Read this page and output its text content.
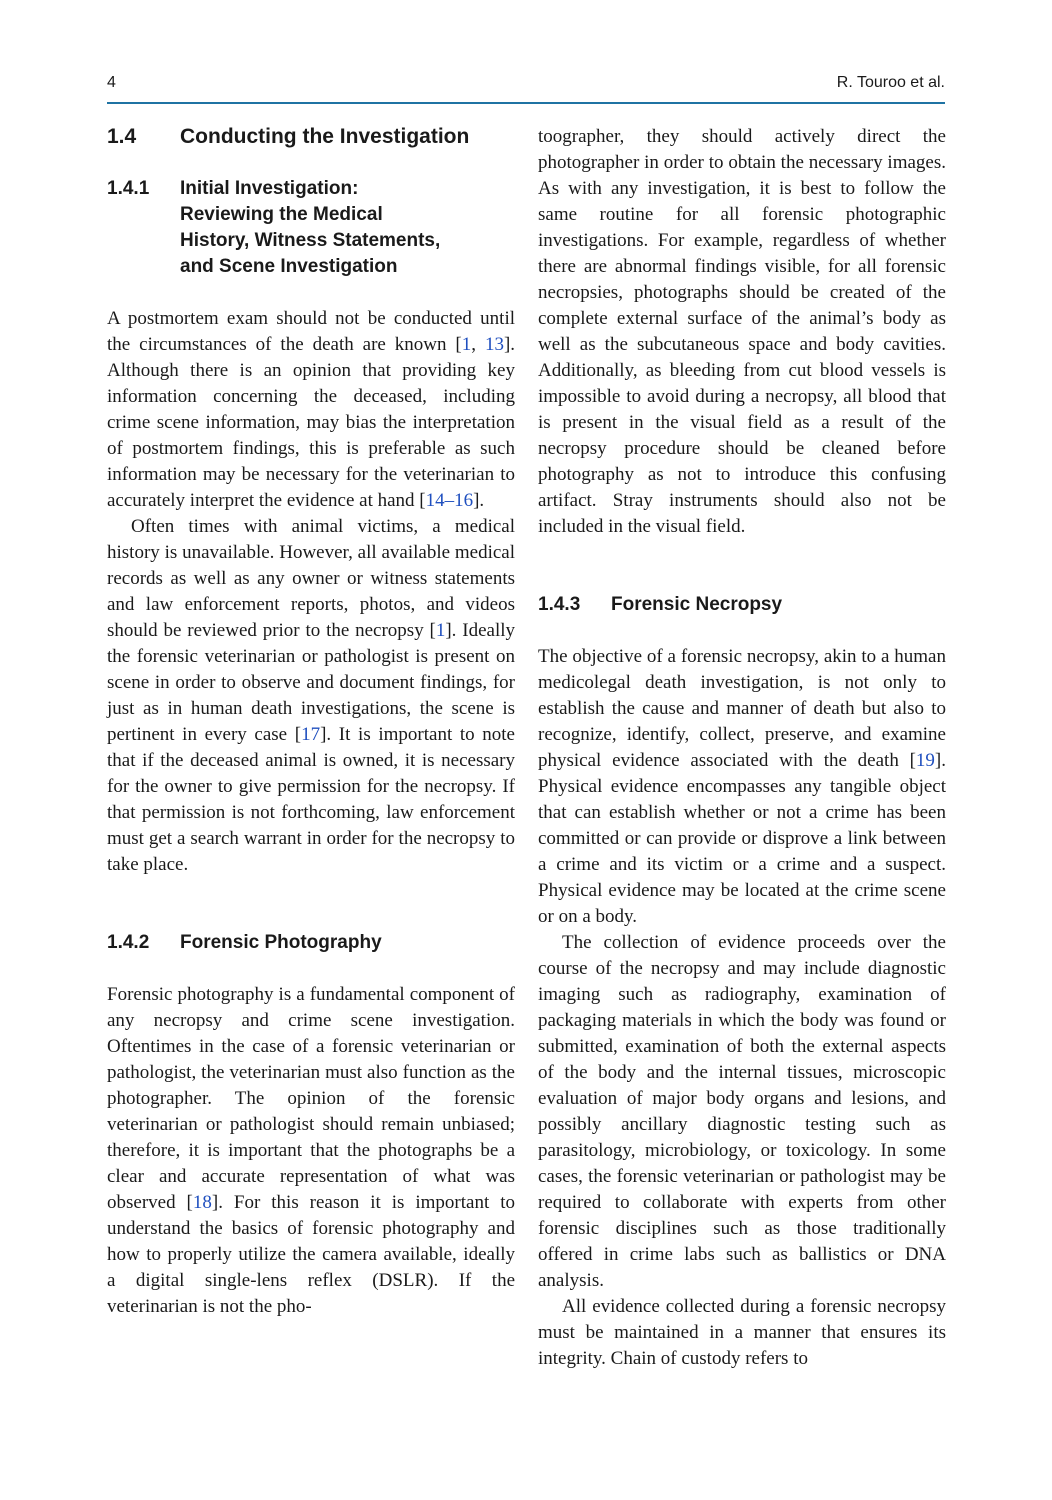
4	R. Touroo et al.
1.4	Conducting the Investigation
1.4.1	Initial Investigation:
Reviewing the Medical
History, Witness Statements,
and Scene Investigation

A postmortem exam should not be conducted until the circumstances of the death are known [1, 13]. Although there is an opinion that providing key information concerning the deceased, including crime scene information, may bias the interpretation of postmortem findings, this is preferable as such information may be necessary for the veterinarian to accurately interpret the evidence at hand [14–16].

Often times with animal victims, a medical history is unavailable. However, all available medical records as well as any owner or witness statements and law enforcement reports, photos, and videos should be reviewed prior to the necropsy [1]. Ideally the forensic veterinarian or pathologist is present on scene in order to observe and document findings, for just as in human death investigations, the scene is pertinent in every case [17]. It is important to note that if the deceased animal is owned, it is necessary for the owner to give permission for the necropsy. If that permission is not forthcoming, law enforcement must get a search warrant in order for the necropsy to take place.

1.4.2	Forensic Photography

Forensic photography is a fundamental component of any necropsy and crime scene investigation. Oftentimes in the case of a forensic veterinarian or pathologist, the veterinarian must also function as the photographer. The opinion of the forensic veterinarian or pathologist should remain unbiased; therefore, it is important that the photographs be a clear and accurate representation of what was observed [18]. For this reason it is important to understand the basics of forensic photography and how to properly utilize the camera available, ideally a digital single-lens reflex (DSLR). If the veterinarian is not the pho-

toographer, they should actively direct the photographer in order to obtain the necessary images. As with any investigation, it is best to follow the same routine for all forensic photographic investigations. For example, regardless of whether there are abnormal findings visible, for all forensic necropsies, photographs should be created of the complete external surface of the animal’s body as well as the subcutaneous space and body cavities. Additionally, as bleeding from cut blood vessels is impossible to avoid during a necropsy, all blood that is present in the visual field as a result of the necropsy procedure should be cleaned before photography as not to introduce this confusing artifact. Stray instruments should also not be included in the visual field.

1.4.3	Forensic Necropsy

The objective of a forensic necropsy, akin to a human medicolegal death investigation, is not only to establish the cause and manner of death but also to recognize, identify, collect, preserve, and examine physical evidence associated with the death [19]. Physical evidence encompasses any tangible object that can establish whether or not a crime has been committed or can provide or disprove a link between a crime and its victim or a crime and a suspect. Physical evidence may be located at the crime scene or on a body.

The collection of evidence proceeds over the course of the necropsy and may include diagnostic imaging such as radiography, examination of packaging materials in which the body was found or submitted, examination of both the external aspects of the body and the internal tissues, microscopic evaluation of major body organs and lesions, and possibly ancillary diagnostic testing such as parasitology, microbiology, or toxicology. In some cases, the forensic veterinarian or pathologist may be required to collaborate with experts from other forensic disciplines such as those traditionally offered in crime labs such as ballistics or DNA analysis.

All evidence collected during a forensic necropsy must be maintained in a manner that ensures its integrity. Chain of custody refers to
